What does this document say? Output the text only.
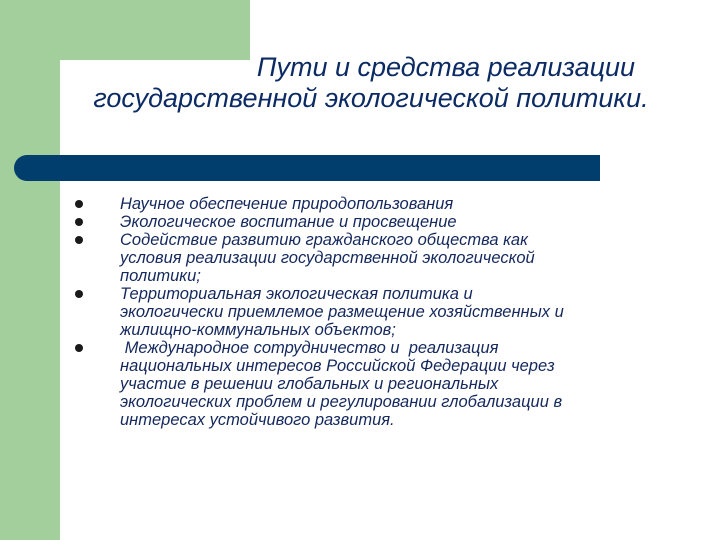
Пути и средства реализации
государственной экологической политики.
Научное обеспечение природопользования
Экологическое воспитание и просвещение
Содействие развитию гражданского общества как
условия реализации государственной экологической
политики;
Территориальная экологическая политика и
экологически приемлемое размещение хозяйственных и
жилищно-коммунальных объектов;
Международное сотрудничество и  реализация
национальных интересов Российской Федерации через
участие в решении глобальных и региональных
экологических проблем и регулировании глобализации в
интересах устойчивого развития.
